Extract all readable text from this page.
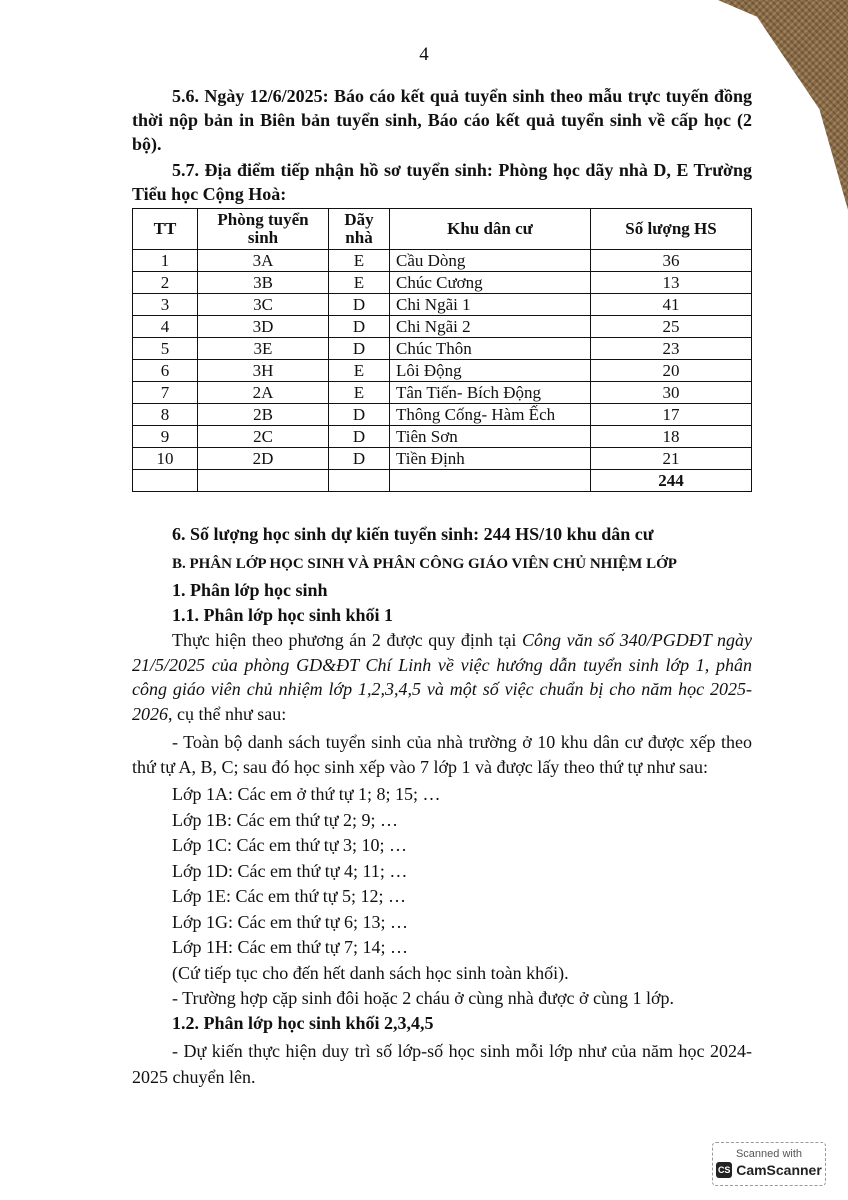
4
5.6. Ngày 12/6/2025: Báo cáo kết quả tuyển sinh theo mẫu trực tuyến đồng thời nộp bản in Biên bản tuyển sinh, Báo cáo kết quả tuyển sinh về cấp học (2 bộ).
5.7. Địa điểm tiếp nhận hồ sơ tuyển sinh: Phòng học dãy nhà D, E Trường Tiểu học Cộng Hoà:
TT	Phòng tuyển sinh	Dãy nhà	Khu dân cư	Số lượng HS
1	3A	E	Cầu Dòng	36
2	3B	E	Chúc Cương	13
3	3C	D	Chi Ngãi 1	41
4	3D	D	Chi Ngãi 2	25
5	3E	D	Chúc Thôn	23
6	3H	E	Lôi Động	20
7	2A	E	Tân Tiến- Bích Động	30
8	2B	D	Thông Cống- Hàm Ếch	17
9	2C	D	Tiên Sơn	18
10	2D	D	Tiền Định	21
				244
6. Số lượng học sinh dự kiến tuyển sinh: 244 HS/10 khu dân cư
B. PHÂN LỚP HỌC SINH VÀ PHÂN CÔNG GIÁO VIÊN CHỦ NHIỆM LỚP
1. Phân lớp học sinh
1.1. Phân lớp học sinh khối 1
Thực hiện theo phương án 2 được quy định tại Công văn số 340/PGDĐT ngày 21/5/2025 của phòng GD&ĐT Chí Linh về việc hướng dẫn tuyển sinh lớp 1, phân công giáo viên chủ nhiệm lớp 1,2,3,4,5 và một số việc chuẩn bị cho năm học 2025- 2026, cụ thể như sau:
- Toàn bộ danh sách tuyển sinh của nhà trường ở 10 khu dân cư được xếp theo thứ tự A, B, C; sau đó học sinh xếp vào 7 lớp 1 và được lấy theo thứ tự như sau:
Lớp 1A: Các em ở thứ tự 1; 8; 15; …
Lớp 1B: Các em thứ tự 2; 9; …
Lớp 1C: Các em thứ tự 3; 10; …
Lớp 1D: Các em thứ tự 4; 11; …
Lớp 1E: Các em thứ tự 5; 12; …
Lớp 1G: Các em thứ tự 6; 13; …
Lớp 1H: Các em thứ tự 7; 14; …
(Cứ tiếp tục cho đến hết danh sách học sinh toàn khối).
- Trường hợp cặp sinh đôi hoặc 2 cháu ở cùng nhà được ở cùng 1 lớp.
1.2. Phân lớp học sinh khối 2,3,4,5
- Dự kiến thực hiện duy trì số lớp-số học sinh mỗi lớp như của năm học 2024-2025 chuyển lên.
Scanned with
CS CamScanner
